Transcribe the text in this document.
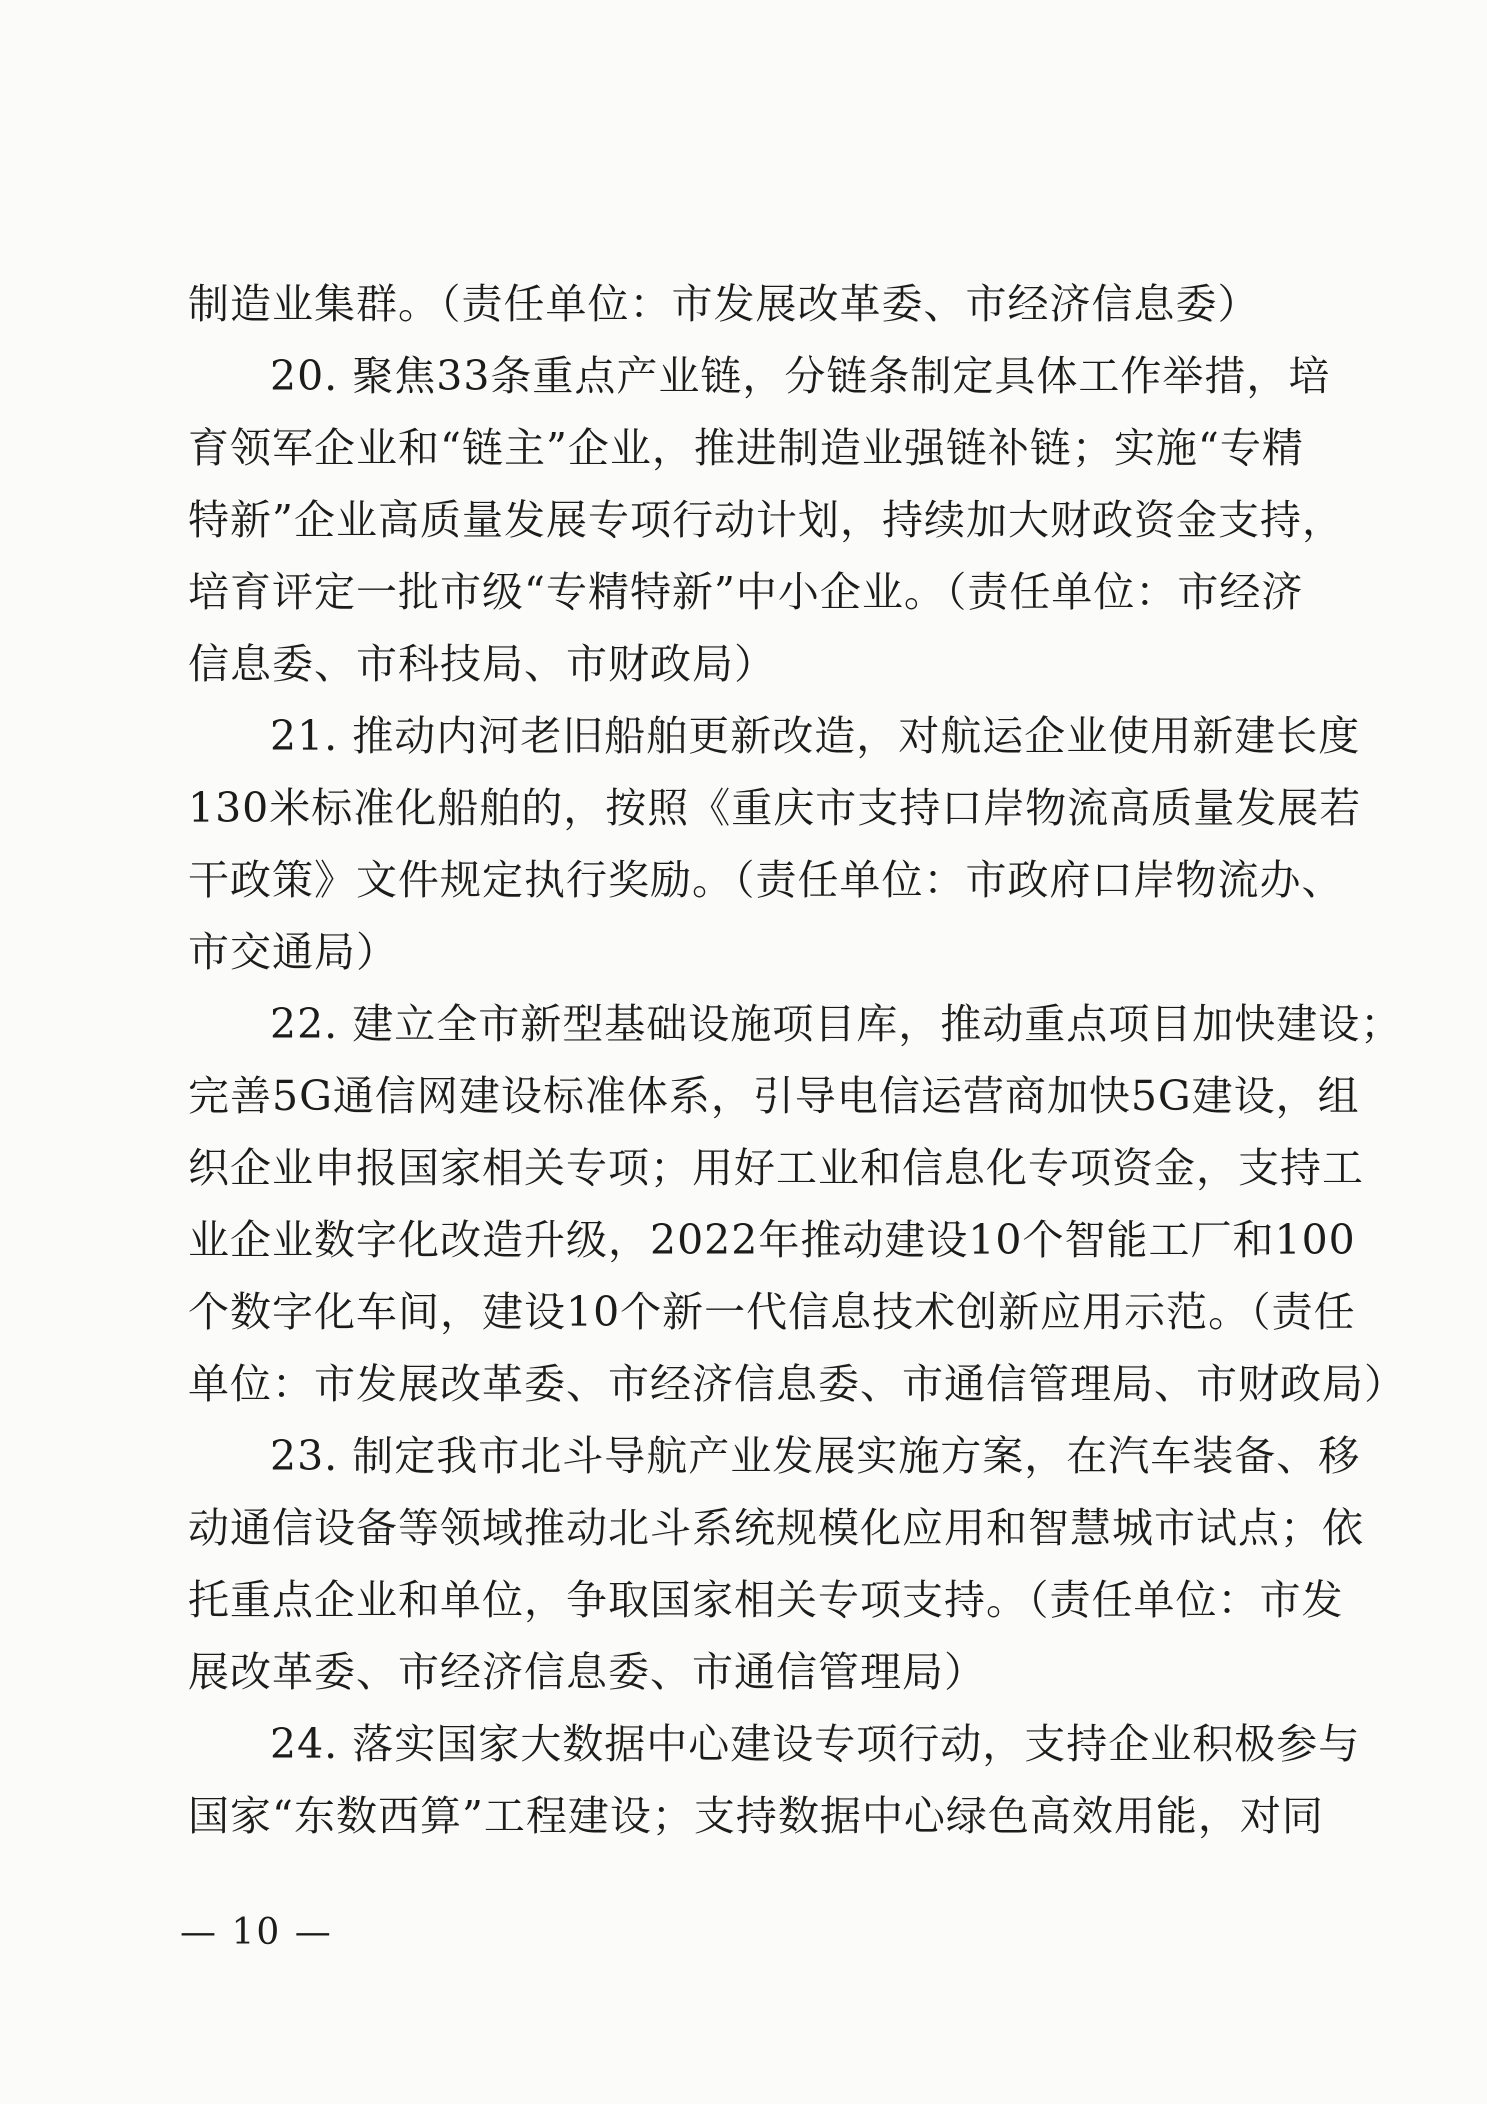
制造业集群。（责任单位：市发展改革委、市经济信息委）
20. 聚焦33条重点产业链，分链条制定具体工作举措，培
育领军企业和“链主”企业，推进制造业强链补链；实施“专精
特新”企业高质量发展专项行动计划，持续加大财政资金支持，
培育评定一批市级“专精特新”中小企业。（责任单位：市经济
信息委、市科技局、市财政局）
21. 推动内河老旧船舶更新改造，对航运企业使用新建长度
130米标准化船舶的，按照《重庆市支持口岸物流高质量发展若
干政策》文件规定执行奖励。（责任单位：市政府口岸物流办、
市交通局）
22. 建立全市新型基础设施项目库，推动重点项目加快建设；
完善5G通信网建设标准体系，引导电信运营商加快5G建设，组
织企业申报国家相关专项；用好工业和信息化专项资金，支持工
业企业数字化改造升级，2022年推动建设10个智能工厂和100
个数字化车间，建设10个新一代信息技术创新应用示范。（责任
单位：市发展改革委、市经济信息委、市通信管理局、市财政局）
23. 制定我市北斗导航产业发展实施方案，在汽车装备、移
动通信设备等领域推动北斗系统规模化应用和智慧城市试点；依
托重点企业和单位，争取国家相关专项支持。（责任单位：市发
展改革委、市经济信息委、市通信管理局）
24. 落实国家大数据中心建设专项行动，支持企业积极参与
国家“东数西算”工程建设；支持数据中心绿色高效用能，对同
— 10 —
